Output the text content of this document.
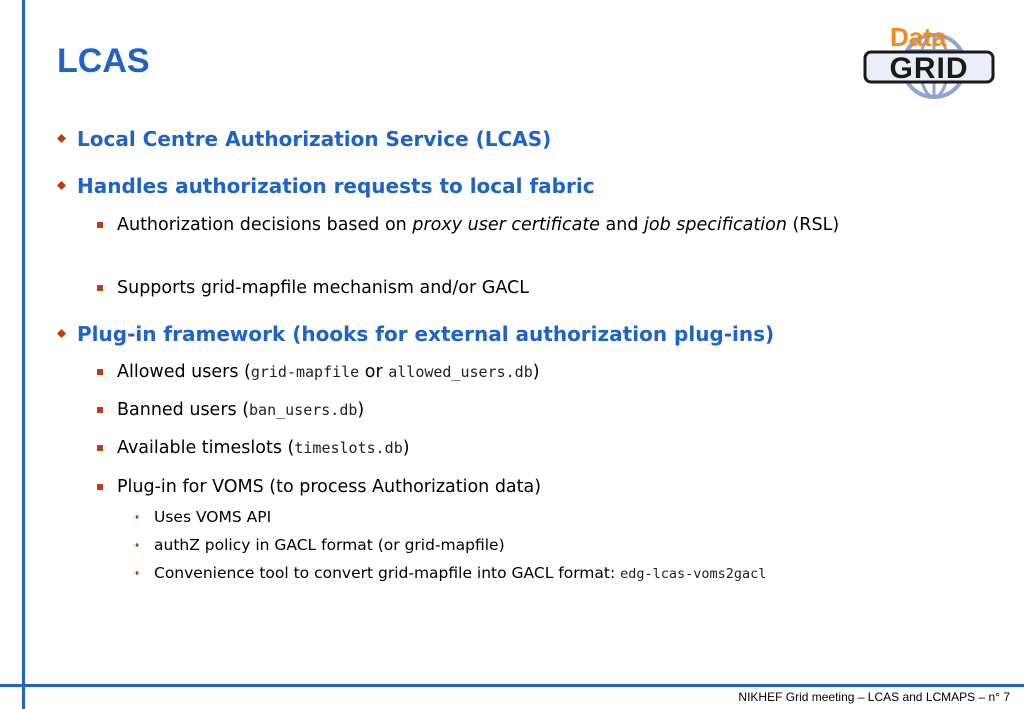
LCAS
Data
GRID
Local Centre Authorization Service (LCAS)
Handles authorization requests to local fabric
Authorization decisions based on proxy user certificate and job specification (RSL)
Supports grid-mapfile mechanism and/or GACL
Plug-in framework (hooks for external authorization plug-ins)
Allowed users (grid-mapfile or allowed_users.db)
Banned users (ban_users.db)
Available timeslots (timeslots.db)
Plug-in for VOMS (to process Authorization data)
Uses VOMS API
authZ policy in GACL format (or grid-mapfile)
Convenience tool to convert grid-mapfile into GACL format: edg-lcas-voms2gacl
NIKHEF Grid meeting – LCAS and LCMAPS – n° 7
